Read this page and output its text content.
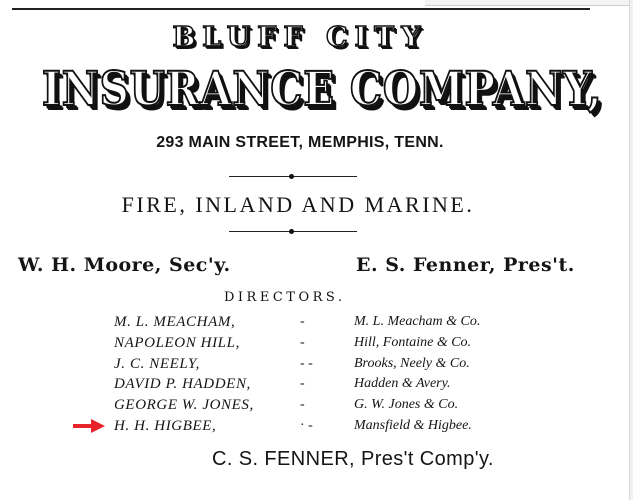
BLUFF CITY
INSURANCE COMPANY,
293 MAIN STREET, MEMPHIS, TENN.
FIRE, INLAND AND MARINE.
W. H. Moore, Sec'y.	E. S. Fenner, Pres't.
DIRECTORS.
M. L. MEACHAM,	-	M. L. Meacham & Co.
NAPOLEON HILL,	-	Hill, Fontaine & Co.
J. C. NEELY,	- -	Brooks, Neely & Co.
DAVID P. HADDEN,	-	Hadden & Avery.
GEORGE W. JONES,	-	G. W. Jones & Co.
H. H. HIGBEE,	· -	Mansfield & Higbee.
C. S. FENNER, Pres't Comp'y.
